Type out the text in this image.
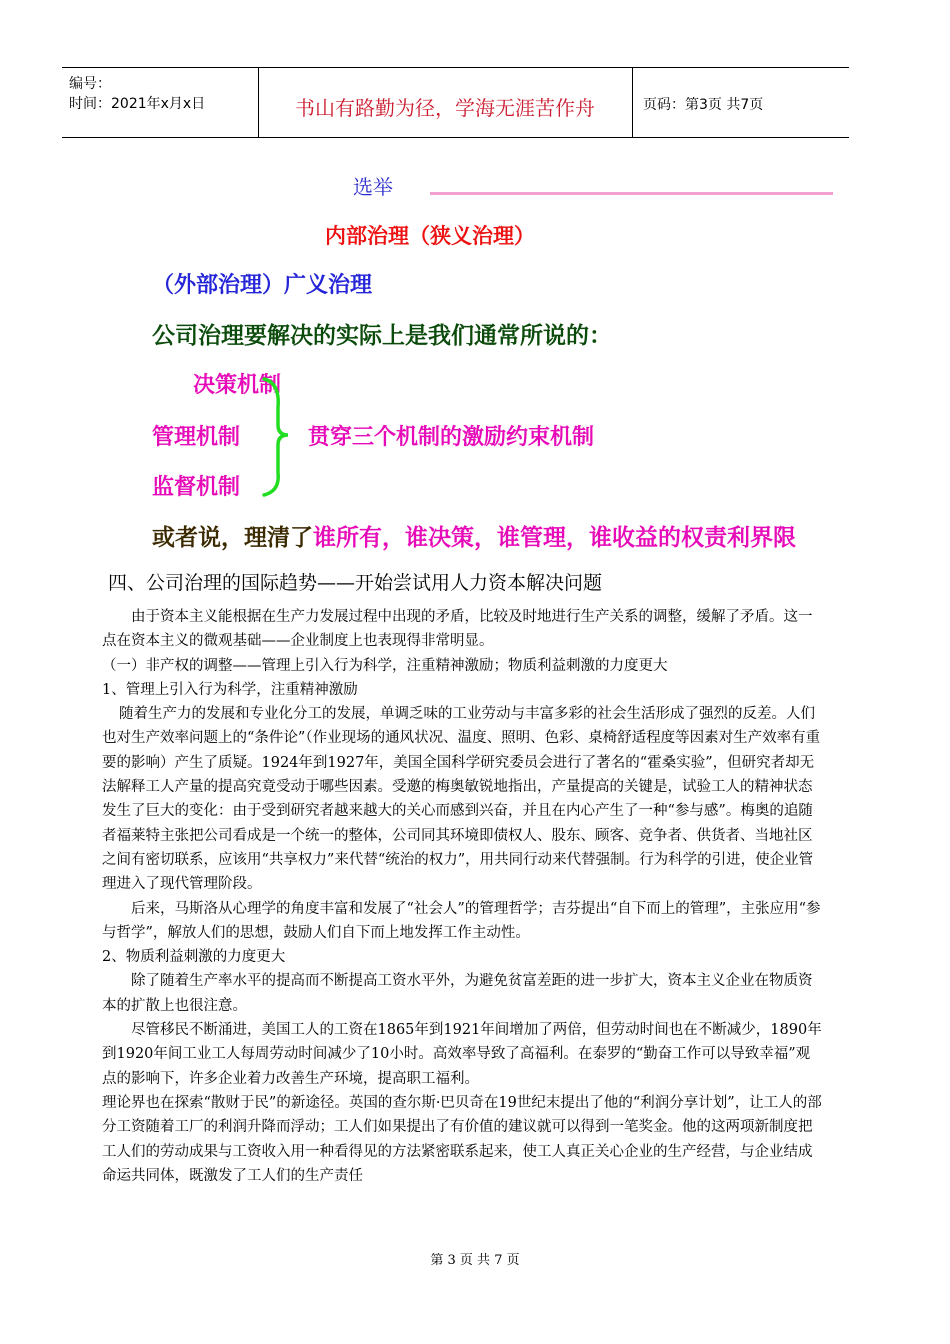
编号：
时间：2021年x月x日	书山有路勤为径，学海无涯苦作舟	页码：第3页 共7页
选举
内部治理（狭义治理）
（外部治理）广义治理
公司治理要解决的实际上是我们通常所说的：
决策机制
管理机制
监督机制
贯穿三个机制的激励约束机制
或者说，理清了谁所有，谁决策，谁管理，谁收益的权责利界限
四、公司治理的国际趋势——开始尝试用人力资本解决问题

由于资本主义能根据在生产力发展过程中出现的矛盾，比较及时地进行生产关系的调整，缓解了矛盾。这一点在资本主义的微观基础——企业制度上也表现得非常明显。

（一）非产权的调整——管理上引入行为科学，注重精神激励；物质利益刺激的力度更大

1、管理上引入行为科学，注重精神激励

随着生产力的发展和专业化分工的发展，单调乏味的工业劳动与丰富多彩的社会生活形成了强烈的反差。人们也对生产效率问题上的“条件论”（作业现场的通风状况、温度、照明、色彩、桌椅舒适程度等因素对生产效率有重要的影响）产生了质疑。1924年到1927年，美国全国科学研究委员会进行了著名的“霍桑实验”，但研究者却无法解释工人产量的提高究竟受动于哪些因素。受邀的梅奥敏锐地指出，产量提高的关键是，试验工人的精神状态发生了巨大的变化：由于受到研究者越来越大的关心而感到兴奋，并且在内心产生了一种“参与感”。梅奥的追随者福莱特主张把公司看成是一个统一的整体，公司同其环境即债权人、股东、顾客、竞争者、供货者、当地社区之间有密切联系，应该用“共享权力”来代替“统治的权力”，用共同行动来代替强制。行为科学的引进，使企业管理进入了现代管理阶段。

后来，马斯洛从心理学的角度丰富和发展了“社会人”的管理哲学；吉芬提出“自下而上的管理”，主张应用“参与哲学”，解放人们的思想，鼓励人们自下而上地发挥工作主动性。

2、物质利益刺激的力度更大

除了随着生产率水平的提高而不断提高工资水平外，为避免贫富差距的进一步扩大，资本主义企业在物质资本的扩散上也很注意。

尽管移民不断涌进，美国工人的工资在1865年到1921年间增加了两倍，但劳动时间也在不断减少，1890年到1920年间工业工人每周劳动时间减少了10小时。高效率导致了高福利。在泰罗的“勤奋工作可以导致幸福”观点的影响下，许多企业着力改善生产环境，提高职工福利。

理论界也在探索“散财于民”的新途径。英国的查尔斯·巴贝奇在19世纪末提出了他的“利润分享计划”，让工人的部分工资随着工厂的利润升降而浮动；工人们如果提出了有价值的建议就可以得到一笔奖金。他的这两项新制度把工人们的劳动成果与工资收入用一种看得见的方法紧密联系起来，使工人真正关心企业的生产经营，与企业结成命运共同体，既激发了工人们的生产责任

第 3 页 共 7 页
